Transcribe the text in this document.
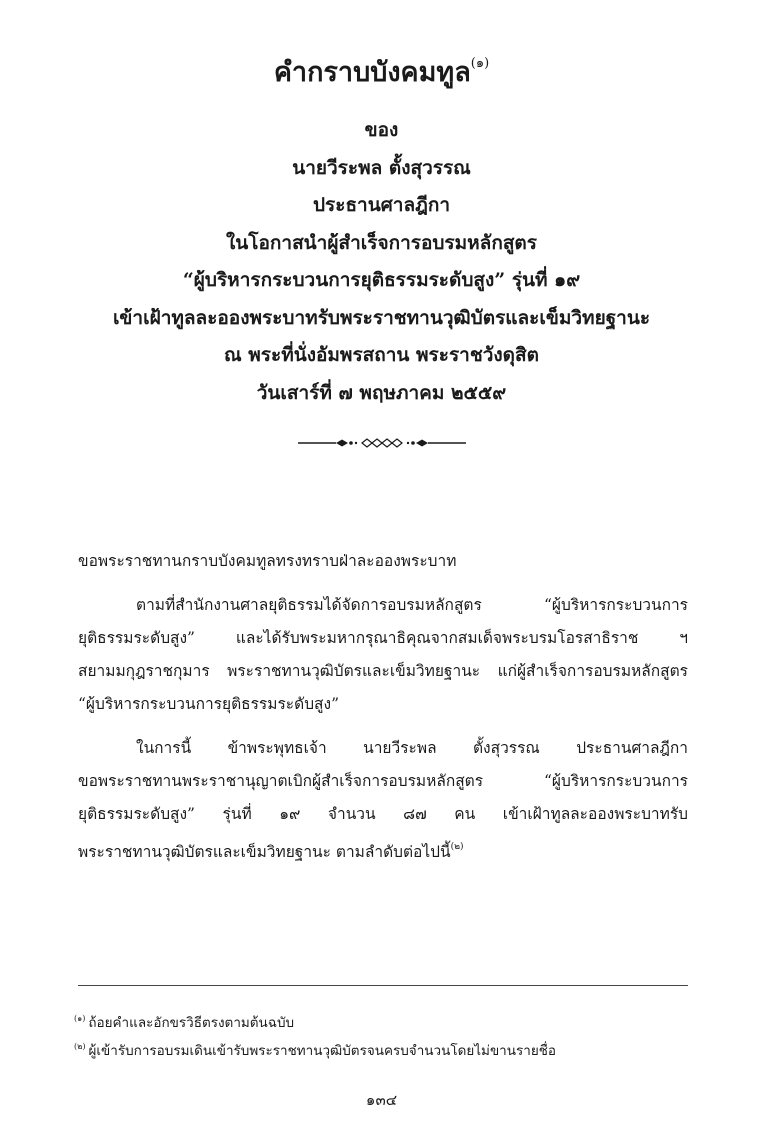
คำกราบบังคมทูล$^{(๑)}$
ของ
นายวีระพล ตั้งสุวรรณ
ประธานศาลฎีกา
ในโอกาสนำผู้สำเร็จการอบรมหลักสูตร
“ผู้บริหารกระบวนการยุติธรรมระดับสูง” รุ่นที่ ๑๙
เข้าเฝ้าทูลละอองพระบาทรับพระราชทานวุฒิบัตรและเข็มวิทยฐานะ
ณ พระที่นั่งอัมพรสถาน พระราชวังดุสิต
วันเสาร์ที่ ๗ พฤษภาคม ๒๕๕๙
ขอพระราชทานกราบบังคมทูลทรงทราบฝ่าละอองพระบาท
ตามที่สำนักงานศาลยุติธรรมได้จัดการอบรมหลักสูตร “ผู้บริหารกระบวนการ
ยุติธรรมระดับสูง” และได้รับพระมหากรุณาธิคุณจากสมเด็จพระบรมโอรสาธิราช ฯ
สยามมกุฎราชกุมาร พระราชทานวุฒิบัตรและเข็มวิทยฐานะ แก่ผู้สำเร็จการอบรมหลักสูตร
“ผู้บริหารกระบวนการยุติธรรมระดับสูง”
ในการนี้ ข้าพระพุทธเจ้า นายวีระพล ตั้งสุวรรณ ประธานศาลฎีกา
ขอพระราชทานพระราชานุญาตเบิกผู้สำเร็จการอบรมหลักสูตร “ผู้บริหารกระบวนการ
ยุติธรรมระดับสูง” รุ่นที่ ๑๙ จำนวน ๘๗ คน เข้าเฝ้าทูลละอองพระบาทรับ
พระราชทานวุฒิบัตรและเข็มวิทยฐานะ ตามลำดับต่อไปนี้$^{(๒)}$
$^{(๑)}$ ถ้อยคำและอักขรวิธีตรงตามต้นฉบับ
$^{(๒)}$ ผู้เข้ารับการอบรมเดินเข้ารับพระราชทานวุฒิบัตรจนครบจำนวนโดยไม่ขานรายชื่อ
๑๓๔
